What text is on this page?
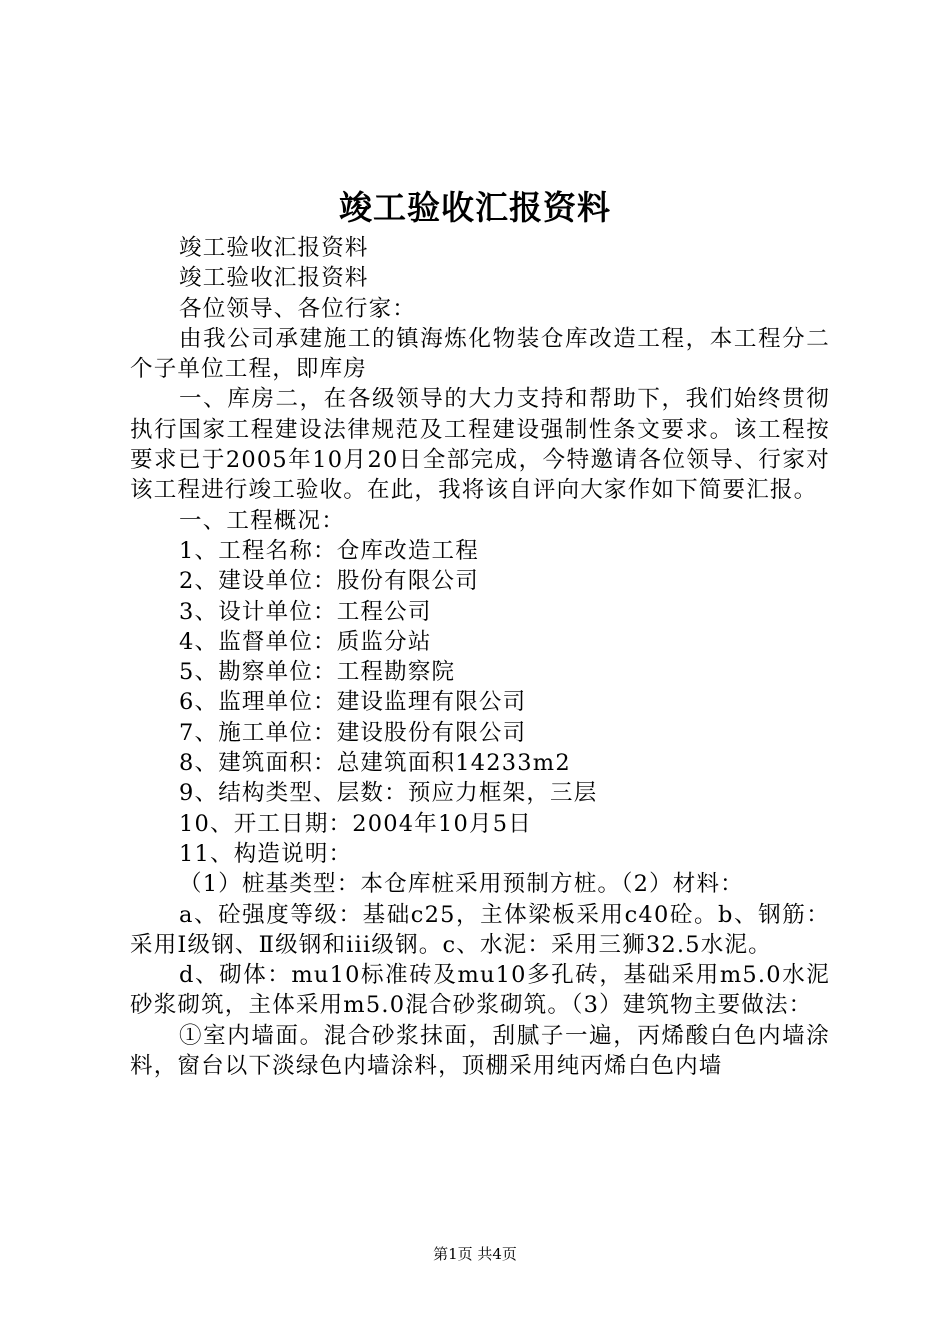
竣工验收汇报资料

竣工验收汇报资料

竣工验收汇报资料

各位领导、各位行家：

由我公司承建施工的镇海炼化物装仓库改造工程，本工程分二个子单位工程，即库房

一、库房二，在各级领导的大力支持和帮助下，我们始终贯彻执行国家工程建设法律规范及工程建设强制性条文要求。该工程按要求已于2005年10月20日全部完成，今特邀请各位领导、行家对该工程进行竣工验收。在此，我将该自评向大家作如下简要汇报。

一、工程概况：

1、工程名称：仓库改造工程

2、建设单位：股份有限公司

3、设计单位：工程公司

4、监督单位：质监分站

5、勘察单位：工程勘察院

6、监理单位：建设监理有限公司

7、施工单位：建设股份有限公司

8、建筑面积：总建筑面积14233m2

9、结构类型、层数：预应力框架，三层

10、开工日期：2004年10月5日

11、构造说明：

（1）桩基类型：本仓库桩采用预制方桩。（2）材料：

a、砼强度等级：基础c25，主体梁板采用c40砼。b、钢筋：采用Ⅰ级钢、Ⅱ级钢和iii级钢。c、水泥：采用三狮32.5水泥。

d、砌体：mu10标准砖及mu10多孔砖，基础采用m5.0水泥砂浆砌筑，主体采用m5.0混合砂浆砌筑。（3）建筑物主要做法：

①室内墙面。混合砂浆抹面，刮腻子一遍，丙烯酸白色内墙涂料，窗台以下淡绿色内墙涂料，顶棚采用纯丙烯白色内墙

第1页 共4页
